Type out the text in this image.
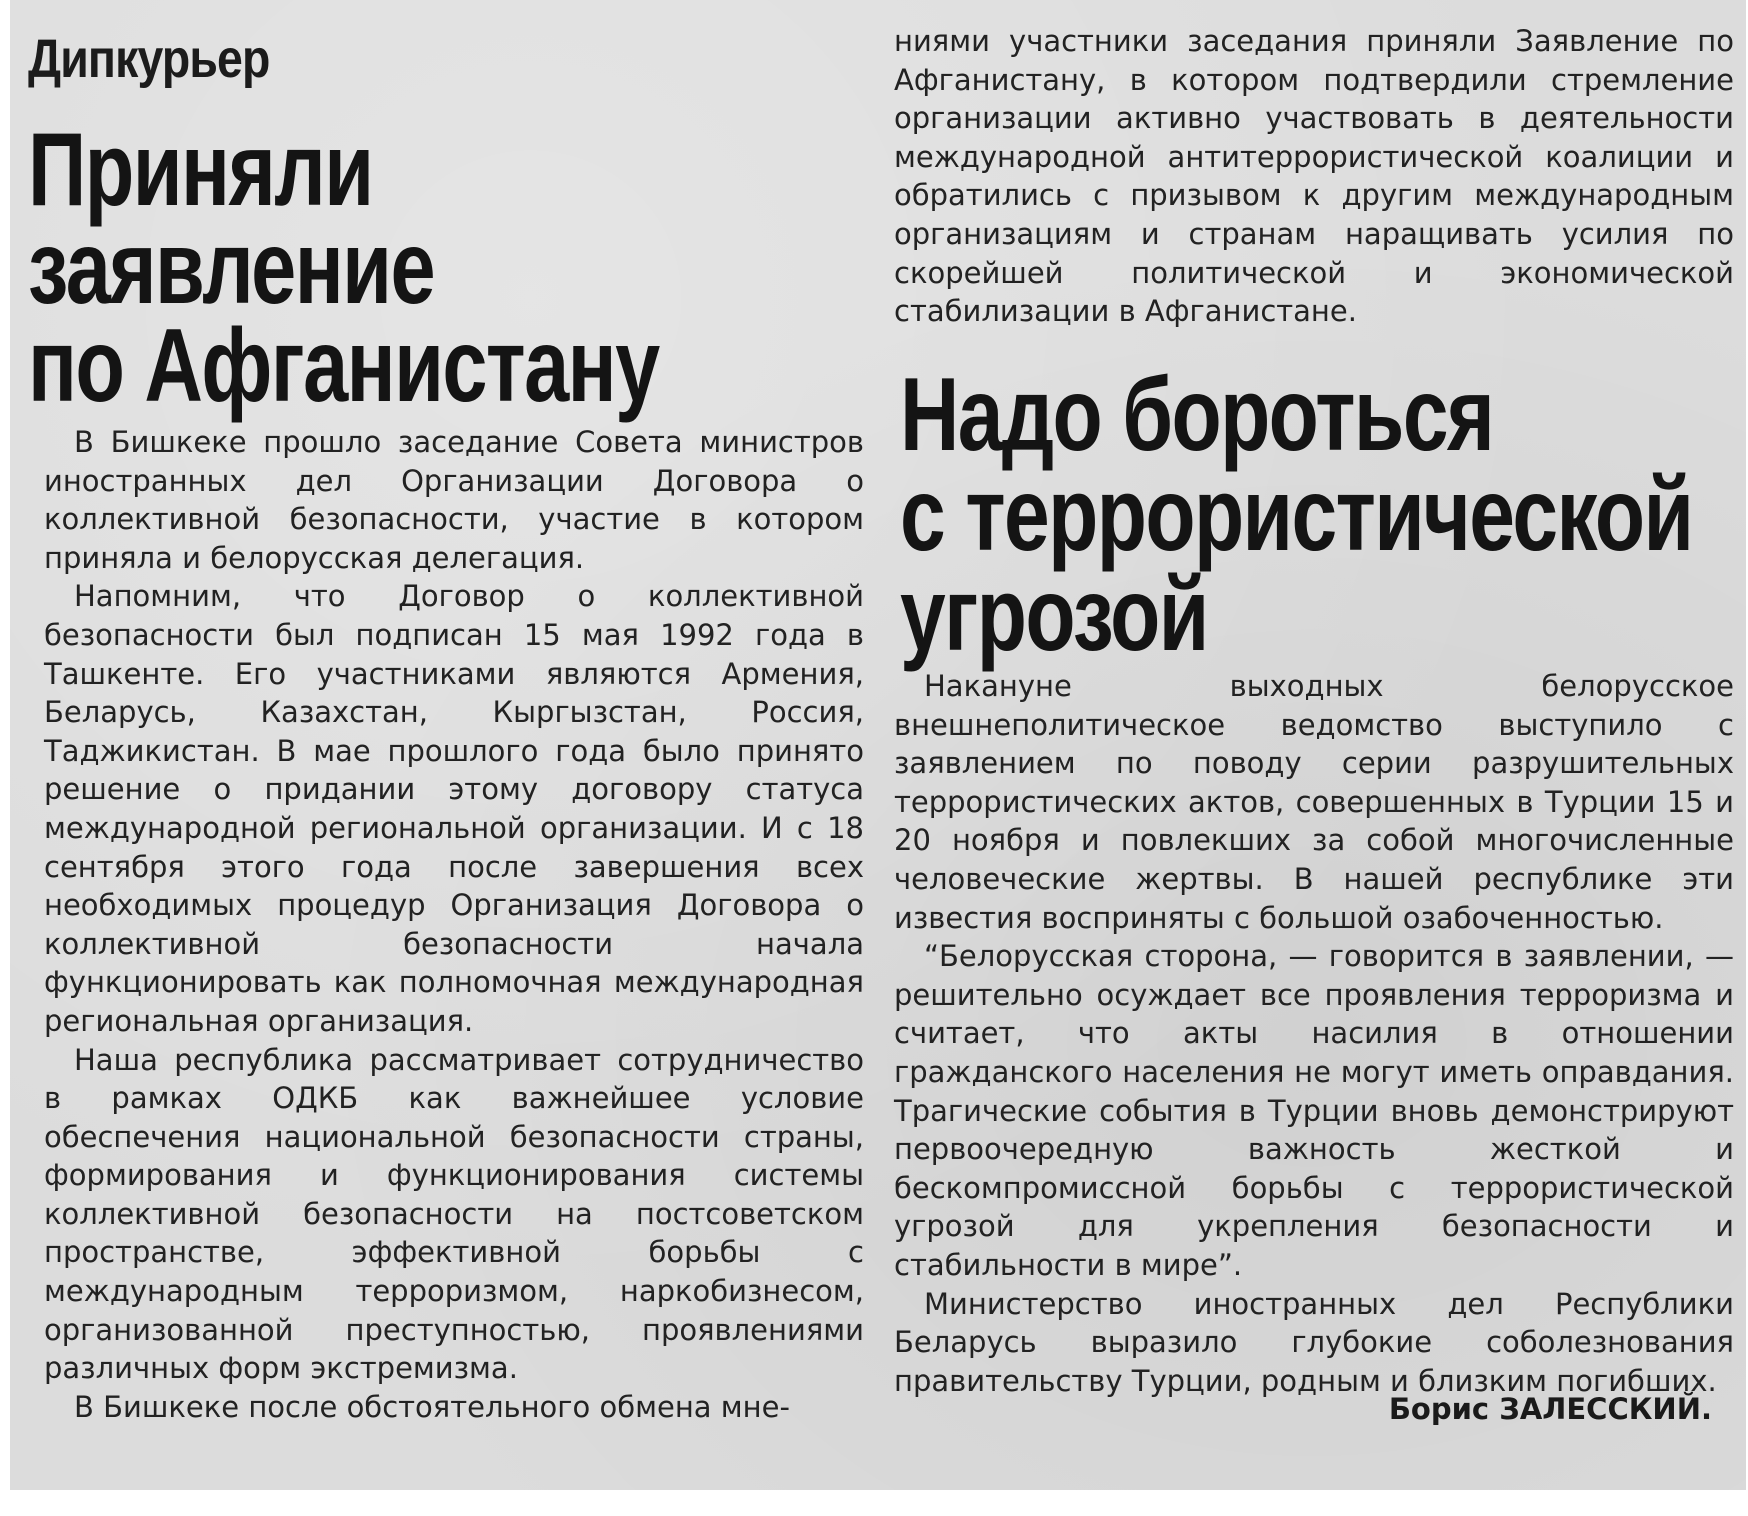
Дипкурьер
Приняли
заявление
по Афганистану

В Бишкеке прошло заседание Совета министров иностранных дел Организации Договора о коллективной безопасности, участие в котором приняла и белорусская делегация.

Напомним, что Договор о коллективной безопасности был подписан 15 мая 1992 года в Ташкенте. Его участниками являются Армения, Беларусь, Казахстан, Кыргызстан, Россия, Таджикистан. В мае прошлого года было принято решение о придании этому договору статуса международной региональной организации. И с 18 сентября этого года после завершения всех необходимых процедур Организация Договора о коллективной безопасности начала функционировать как полномочная международная региональная организация.

Наша республика рассматривает сотрудничество в рамках ОДКБ как важнейшее условие обеспечения национальной безопасности страны, формирования и функционирования системы коллективной безопасности на постсоветском пространстве, эффективной борьбы с международным терроризмом, наркобизнесом, организованной преступностью, проявлениями различных форм экстремизма.

В Бишкеке после обстоятельного обмена мне-

ниями участники заседания приняли Заявление по Афганистану, в котором подтвердили стремление организации активно участвовать в деятельности международной антитеррористической коалиции и обратились с призывом к другим международным организациям и странам наращивать усилия по скорейшей политической и экономической стабилизации в Афганистане.

Надо бороться
с террористической
угрозой

Накануне выходных белорусское внешнеполитическое ведомство выступило с заявлением по поводу серии разрушительных террористических актов, совершенных в Турции 15 и 20 ноября и повлекших за собой многочисленные человеческие жертвы. В нашей республике эти известия восприняты с большой озабоченностью.

“Белорусская сторона, — говорится в заявлении, — решительно осуждает все проявления терроризма и считает, что акты насилия в отношении гражданского населения не могут иметь оправдания. Трагические события в Турции вновь демонстрируют первоочередную важность жесткой и бескомпромиссной борьбы с террористической угрозой для укрепления безопасности и стабильности в мире”.

Министерство иностранных дел Республики Беларусь выразило глубокие соболезнования правительству Турции, родным и близким погибших.

Борис ЗАЛЕССКИЙ.
